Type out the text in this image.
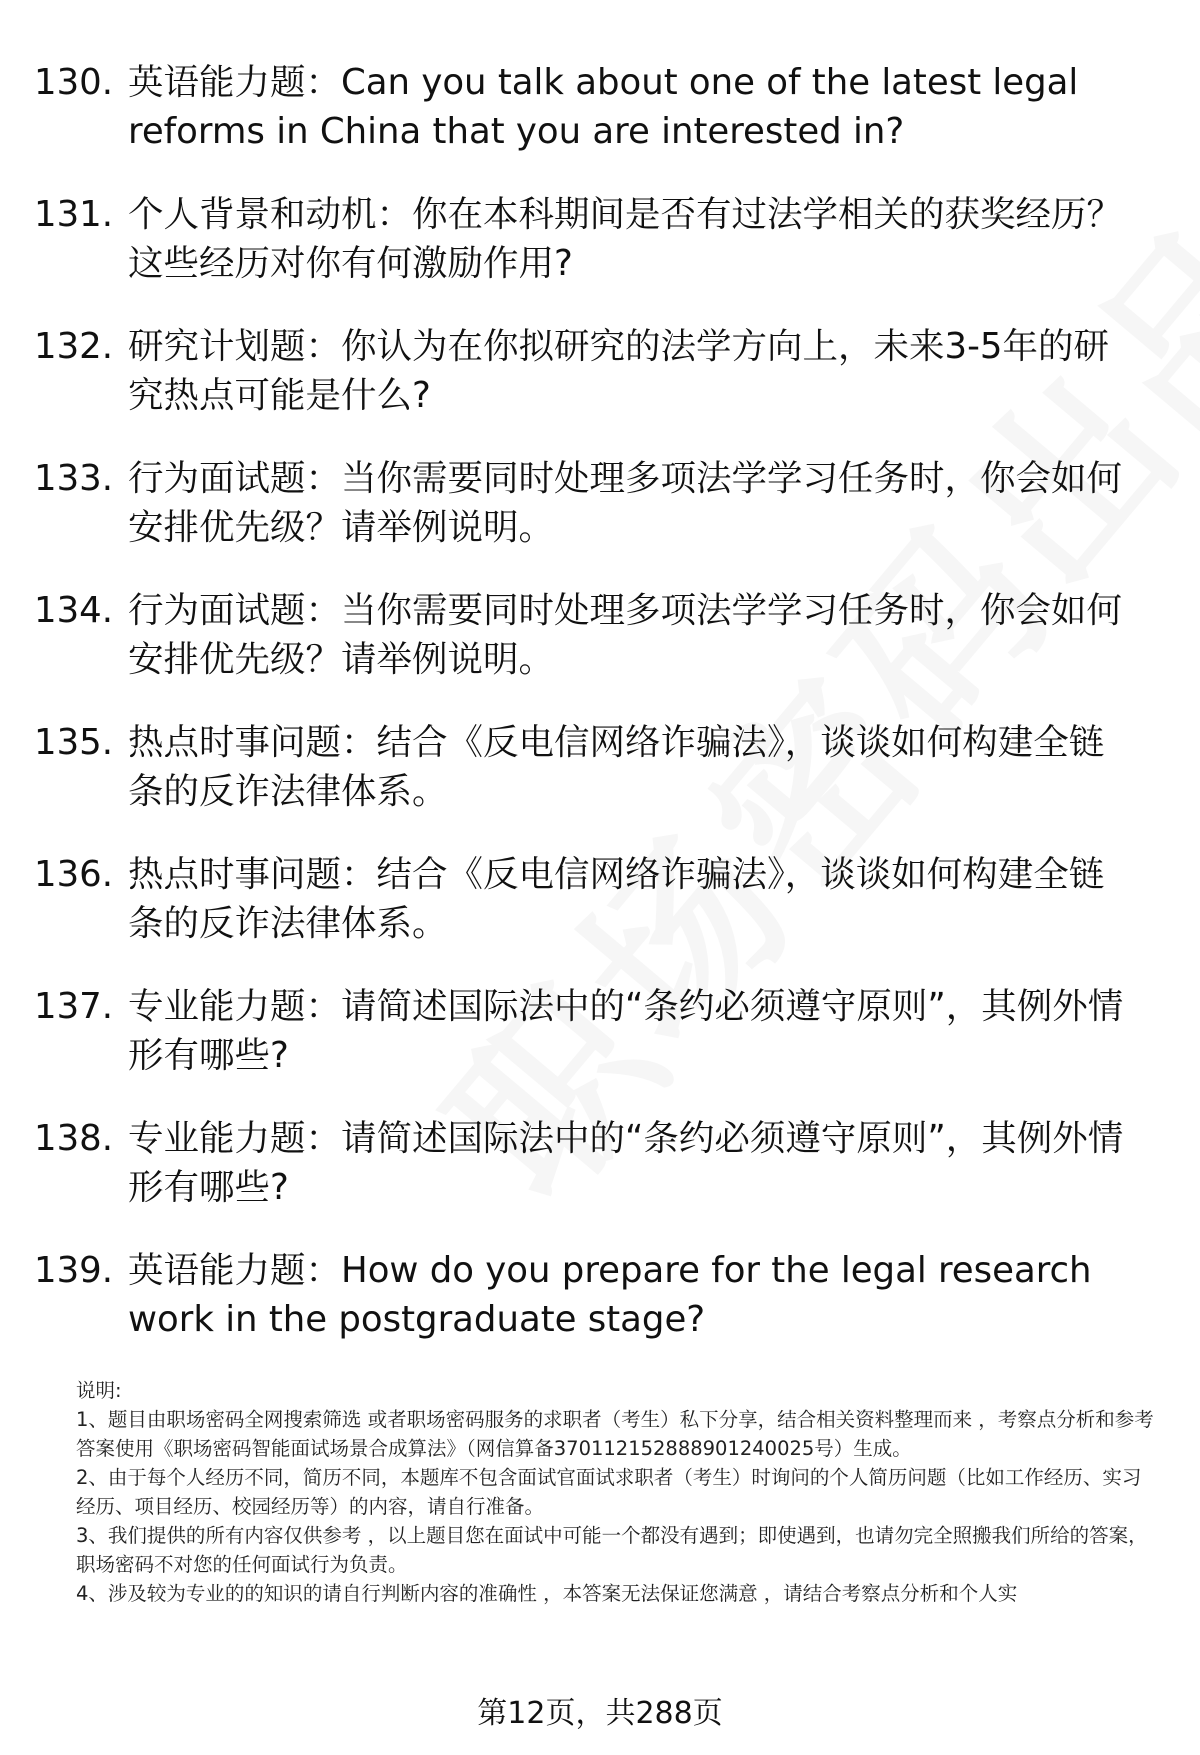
130. 英语能力题：Can you talk about one of the latest legal reforms in China that you are interested in?
131. 个人背景和动机：你在本科期间是否有过法学相关的获奖经历？这些经历对你有何激励作用?
132. 研究计划题：你认为在你拟研究的法学方向上，未来3-5年的研究热点可能是什么?
133. 行为面试题：当你需要同时处理多项法学学习任务时，你会如何安排优先级？请举例说明。
134. 行为面试题：当你需要同时处理多项法学学习任务时，你会如何安排优先级？请举例说明。
135. 热点时事问题：结合《反电信网络诈骗法》，谈谈如何构建全链条的反诈法律体系。
136. 热点时事问题：结合《反电信网络诈骗法》，谈谈如何构建全链条的反诈法律体系。
137. 专业能力题：请简述国际法中的“条约必须遵守原则”，其例外情形有哪些?
138. 专业能力题：请简述国际法中的“条约必须遵守原则”，其例外情形有哪些?
139. 英语能力题：How do you prepare for the legal research work in the postgraduate stage?

说明:

1、题目由职场密码全网搜索筛选 或者职场密码服务的求职者（考生）私下分享，结合相关资料整理而来 ，考察点分析和参考答案使用《职场密码智能面试场景合成算法》（网信算备370112152888901240025号）生成。

2、由于每个人经历不同，简历不同，本题库不包含面试官面试求职者（考生）时询问的个人简历问题（比如工作经历、实习经历、项目经历、校园经历等）的内容，请自行准备。

3、我们提供的所有内容仅供参考 ，以上题目您在面试中可能一个都没有遇到；即使遇到，也请勿完全照搬我们所给的答案，职场密码不对您的任何面试行为负责。

4、涉及较为专业的的知识的请自行判断内容的准确性 ，本答案无法保证您满意 ，请结合考察点分析和个人实

第12页，共288页
